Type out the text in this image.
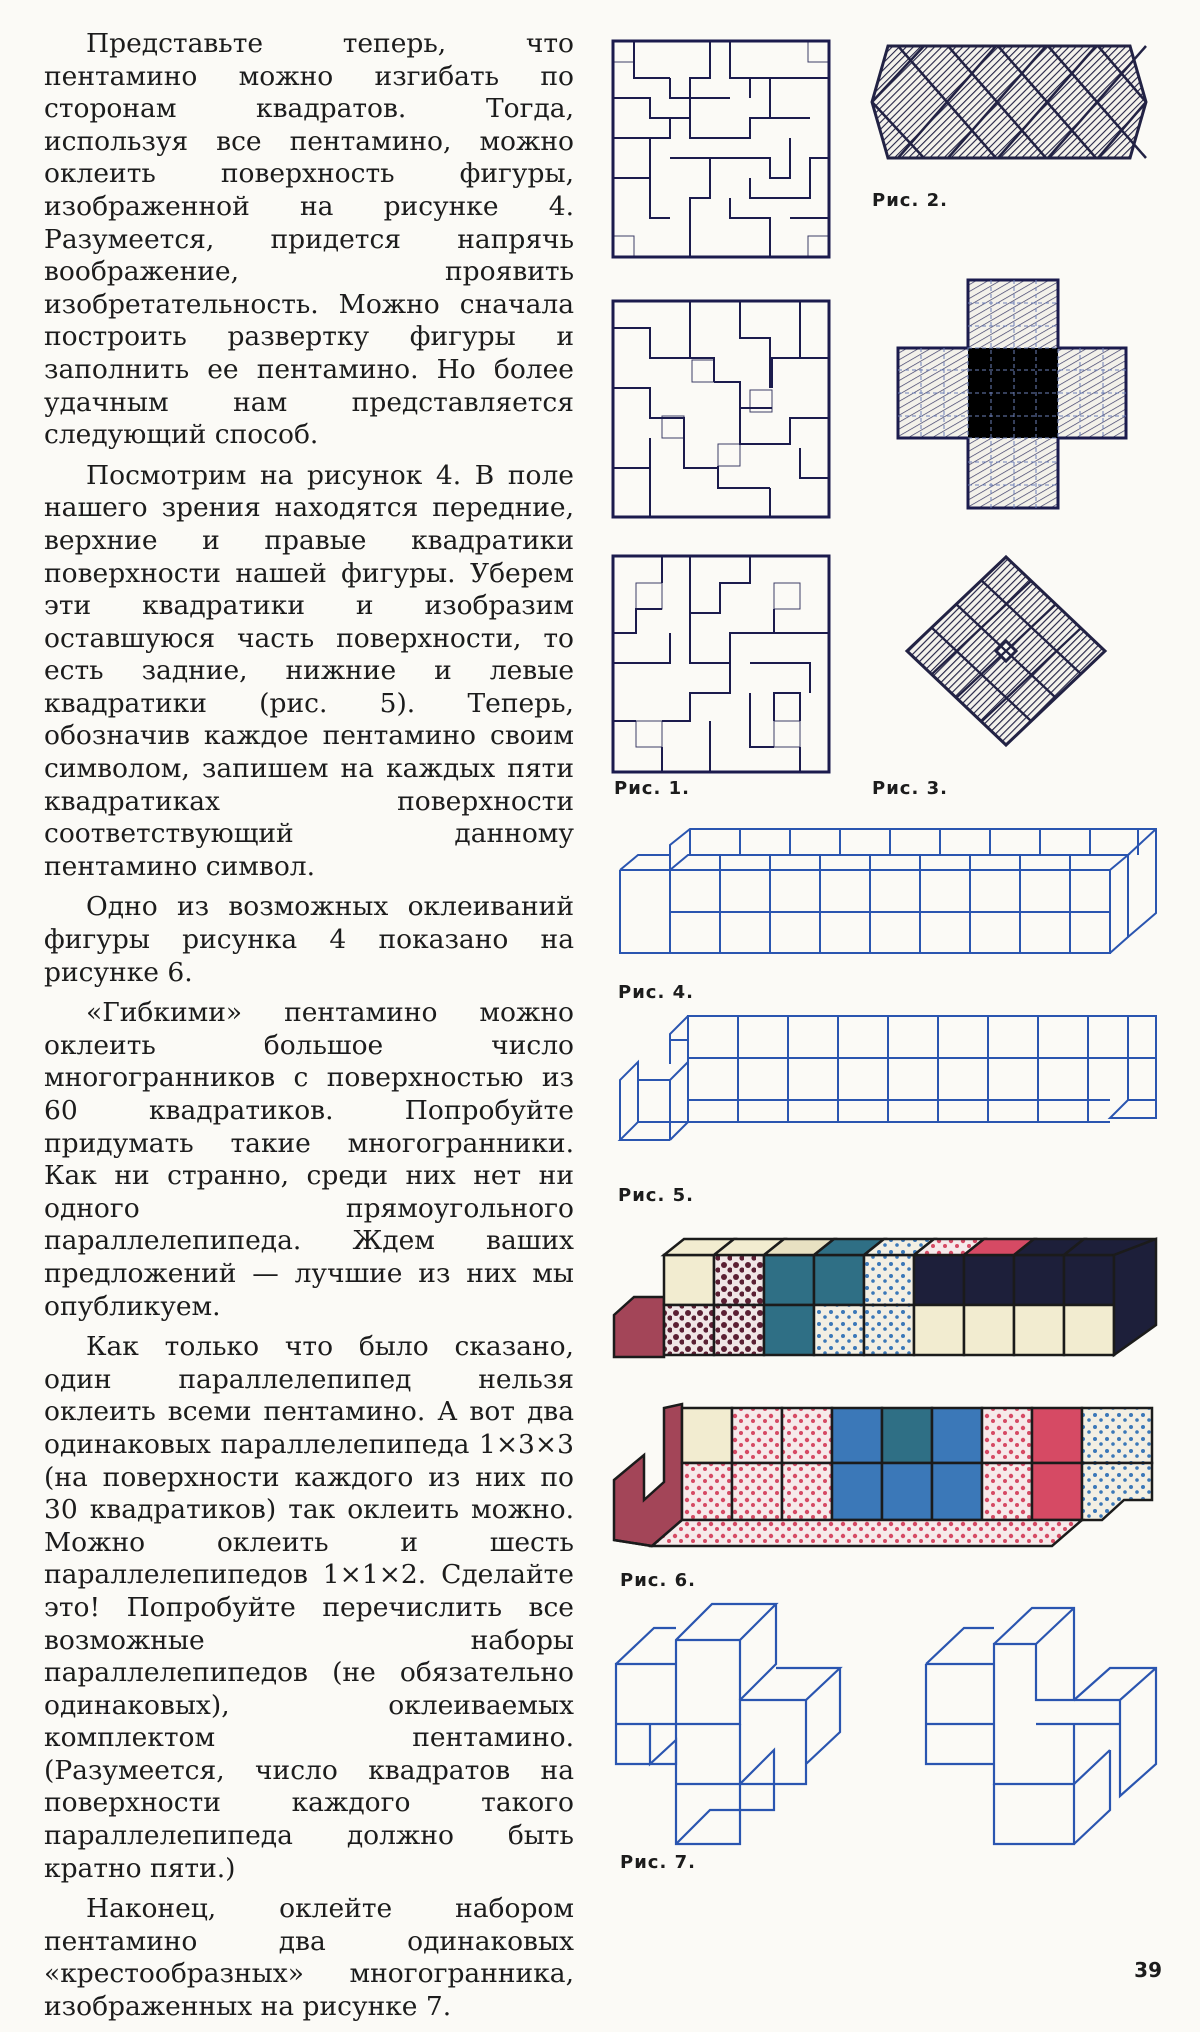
Представьте теперь, что пентамино можно изгибать по сторонам квадратов. Тогда, используя все пентамино, можно оклеить поверхность фигуры, изображенной на рисунке 4. Разумеется, придется напрячь воображение, проявить изобретательность. Можно сначала построить развертку фигуры и заполнить ее пентамино. Но более удачным нам представляется следующий способ.

Посмотрим на рисунок 4. В поле нашего зрения находятся передние, верхние и правые квадратики поверхности нашей фигуры. Уберем эти квадратики и изобразим оставшуюся часть поверхности, то есть задние, нижние и левые квадратики (рис. 5). Теперь, обозначив каждое пентамино своим символом, запишем на каждых пяти квадратиках поверхности соответствующий данному пентамино символ.

Одно из возможных оклеиваний фигуры рисунка 4 показано на рисунке 6.

«Гибкими» пентамино можно оклеить большое число многогранников с поверхностью из 60 квадратиков. Попробуйте придумать такие многогранники. Как ни странно, среди них нет ни одного прямоугольного параллелепипеда. Ждем ваших предложений — лучшие из них мы опубликуем.

Как только что было сказано, один параллелепипед нельзя оклеить всеми пентамино. А вот два одинаковых параллелепипеда 1×3×3 (на поверхности каждого из них по 30 квадратиков) так оклеить можно. Можно оклеить и шесть параллелепипедов 1×1×2. Сделайте это! Попробуйте перечислить все возможные наборы параллелепипедов (не обязательно одинаковых), оклеиваемых комплектом пентамино. (Разумеется, число квадратов на поверхности каждого такого параллелепипеда должно быть кратно пяти.)

Наконец, оклейте набором пентамино два одинаковых «крестообразных» многогранника, изображенных на рисунке 7.

Рис. 1.
Рис. 2.
Рис. 3.
Рис. 4.
Рис. 5.
Рис. 6.
Рис. 7.
39
